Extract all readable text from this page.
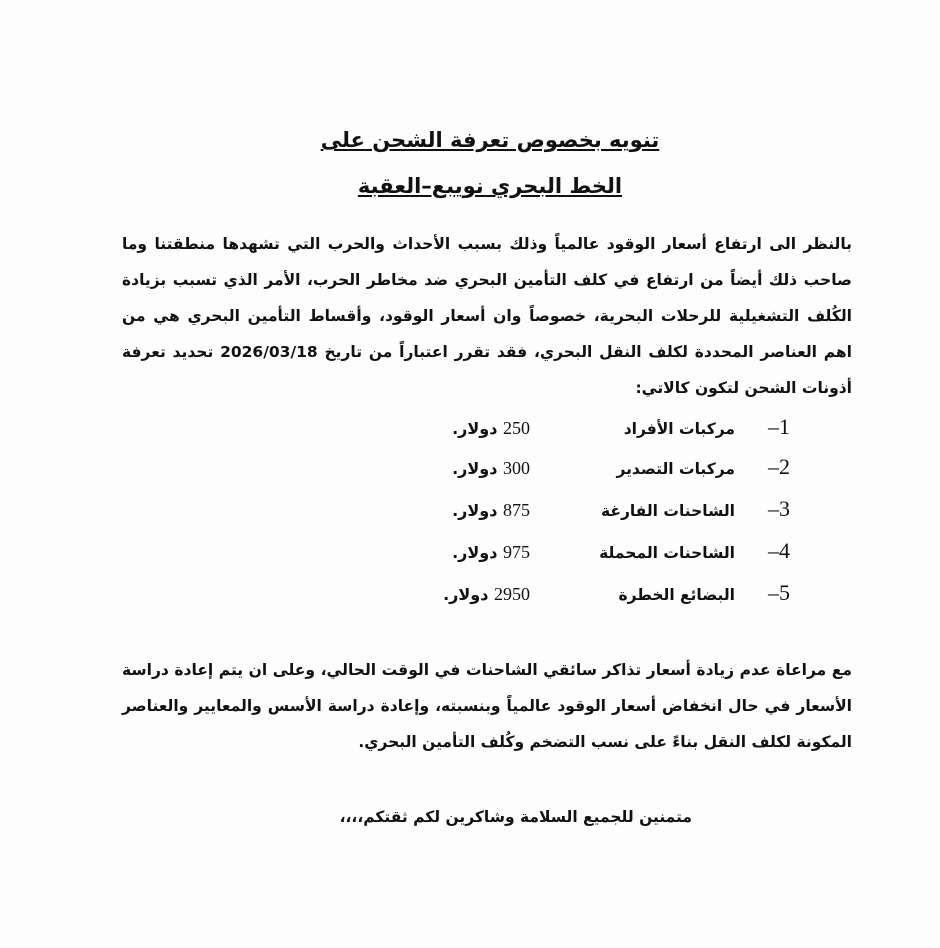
تنويه بخصوص تعرفة الشحن على
الخط البحري نويبع–العقبة
بالنظر الى ارتفاع أسعار الوقود عالمياً وذلك بسبب الأحداث والحرب التي تشهدها منطقتنا وما صاحب ذلك أيضاً من ارتفاع في كلف التأمين البحري ضد مخاطر الحرب، الأمر الذي تسبب بزيادة الكُلف التشغيلية للرحلات البحرية، خصوصاً وان أسعار الوقود، وأقساط التأمين البحري هي من اهم العناصر المحددة لكلف النقل البحري، فقد تقرر اعتباراً من تاريخ 2026/03/18 تحديد تعرفة أذونات الشحن لتكون كالاتي:
1–
مركبات الأفراد
250 دولار.
2–
مركبات التصدير
300 دولار.
3–
الشاحنات الفارغة
875 دولار.
4–
الشاحنات المحملة
975 دولار.
5–
البضائع الخطرة
2950 دولار.
مع مراعاة عدم زيادة أسعار تذاكر سائقي الشاحنات في الوقت الحالي، وعلى ان يتم إعادة دراسة الأسعار في حال انخفاض أسعار الوقود عالمياً وبنسبته، وإعادة دراسة الأسس والمعايير والعناصر المكونة لكلف النقل بناءً على نسب التضخم وكُلف التأمين البحري.
متمنين للجميع السلامة وشاكرين لكم ثقتكم،،،،
